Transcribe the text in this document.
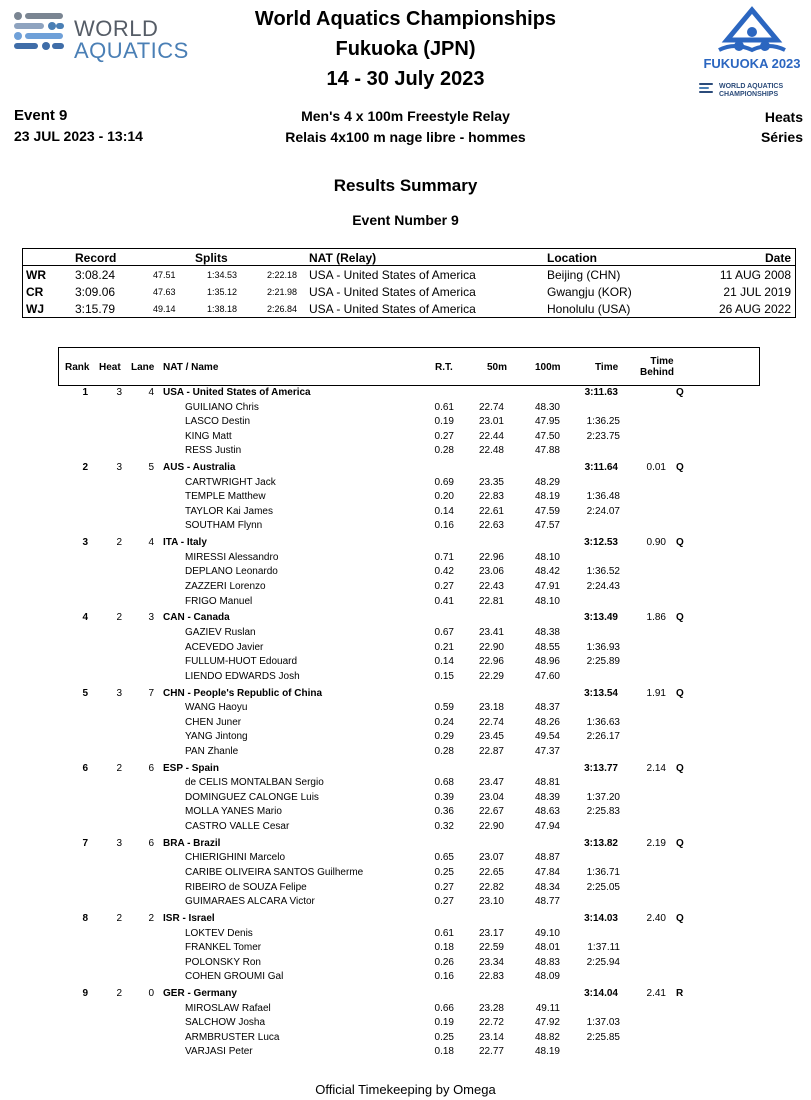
WORLD
AQUATICS
World Aquatics Championships
Fukuoka (JPN)
14 - 30 July 2023
FUKUOKA 2023
WORLD AQUATICS
CHAMPIONSHIPS
Event 9
23 JUL 2023 - 13:14
Men's 4 x 100m Freestyle Relay
Relais 4x100 m nage libre - hommes
Heats
Séries
Results Summary
Event Number 9
Record	Splits	NAT (Relay)	Location	Date
WR 3:08.24	47.51	1:34.53	2:22.18 USA - United States of America	Beijing (CHN)	11 AUG 2008
CR	3:09.06	47.63	1:35.12	2:21.98 USA - United States of America	Gwangju (KOR)	21 JUL 2019
WJ	3:15.79	49.14	1:38.18	2:26.84 USA - United States of America	Honolulu (USA)	26 AUG 2022
Rank Heat Lane NAT / Name	R.T.	50m	100m	Time
Time
Behind
1	3	4 USA - United States of America	3:11.63	Q
GUILIANO Chris	0.61	22.74	48.30
LASCO Destin	0.19	23.01	47.95	1:36.25
KING Matt	0.27	22.44	47.50	2:23.75
RESS Justin	0.28	22.48	47.88
2	3	5 AUS - Australia	3:11.64	0.01 Q
CARTWRIGHT Jack	0.69	23.35	48.29
TEMPLE Matthew	0.20	22.83	48.19	1:36.48
TAYLOR Kai James	0.14	22.61	47.59	2:24.07
SOUTHAM Flynn	0.16	22.63	47.57
3	2	4 ITA - Italy	3:12.53	0.90 Q
MIRESSI Alessandro	0.71	22.96	48.10
DEPLANO Leonardo	0.42	23.06	48.42	1:36.52
ZAZZERI Lorenzo	0.27	22.43	47.91	2:24.43
FRIGO Manuel	0.41	22.81	48.10
4	2	3 CAN - Canada	3:13.49	1.86 Q
GAZIEV Ruslan	0.67	23.41	48.38
ACEVEDO Javier	0.21	22.90	48.55	1:36.93
FULLUM-HUOT Edouard	0.14	22.96	48.96	2:25.89
LIENDO EDWARDS Josh	0.15	22.29	47.60
5	3	7 CHN - People's Republic of China	3:13.54	1.91 Q
WANG Haoyu	0.59	23.18	48.37
CHEN Juner	0.24	22.74	48.26	1:36.63
YANG Jintong	0.29	23.45	49.54	2:26.17
PAN Zhanle	0.28	22.87	47.37
6	2	6 ESP - Spain	3:13.77	2.14 Q
de CELIS MONTALBAN Sergio	0.68	23.47	48.81
DOMINGUEZ CALONGE Luis	0.39	23.04	48.39	1:37.20
MOLLA YANES Mario	0.36	22.67	48.63	2:25.83
CASTRO VALLE Cesar	0.32	22.90	47.94
7	3	6 BRA - Brazil	3:13.82	2.19 Q
CHIERIGHINI Marcelo	0.65	23.07	48.87
CARIBE OLIVEIRA SANTOS Guilherme	0.25	22.65	47.84	1:36.71
RIBEIRO de SOUZA Felipe	0.27	22.82	48.34	2:25.05
GUIMARAES ALCARA Victor	0.27	23.10	48.77
8	2	2 ISR - Israel	3:14.03	2.40 Q
LOKTEV Denis	0.61	23.17	49.10
FRANKEL Tomer	0.18	22.59	48.01	1:37.11
POLONSKY Ron	0.26	23.34	48.83	2:25.94
COHEN GROUMI Gal	0.16	22.83	48.09
9	2	0 GER - Germany	3:14.04	2.41 R
MIROSLAW Rafael	0.66	23.28	49.11
SALCHOW Josha	0.19	22.72	47.92	1:37.03
ARMBRUSTER Luca	0.25	23.14	48.82	2:25.85
VARJASI Peter	0.18	22.77	48.19
Official Timekeeping by Omega
